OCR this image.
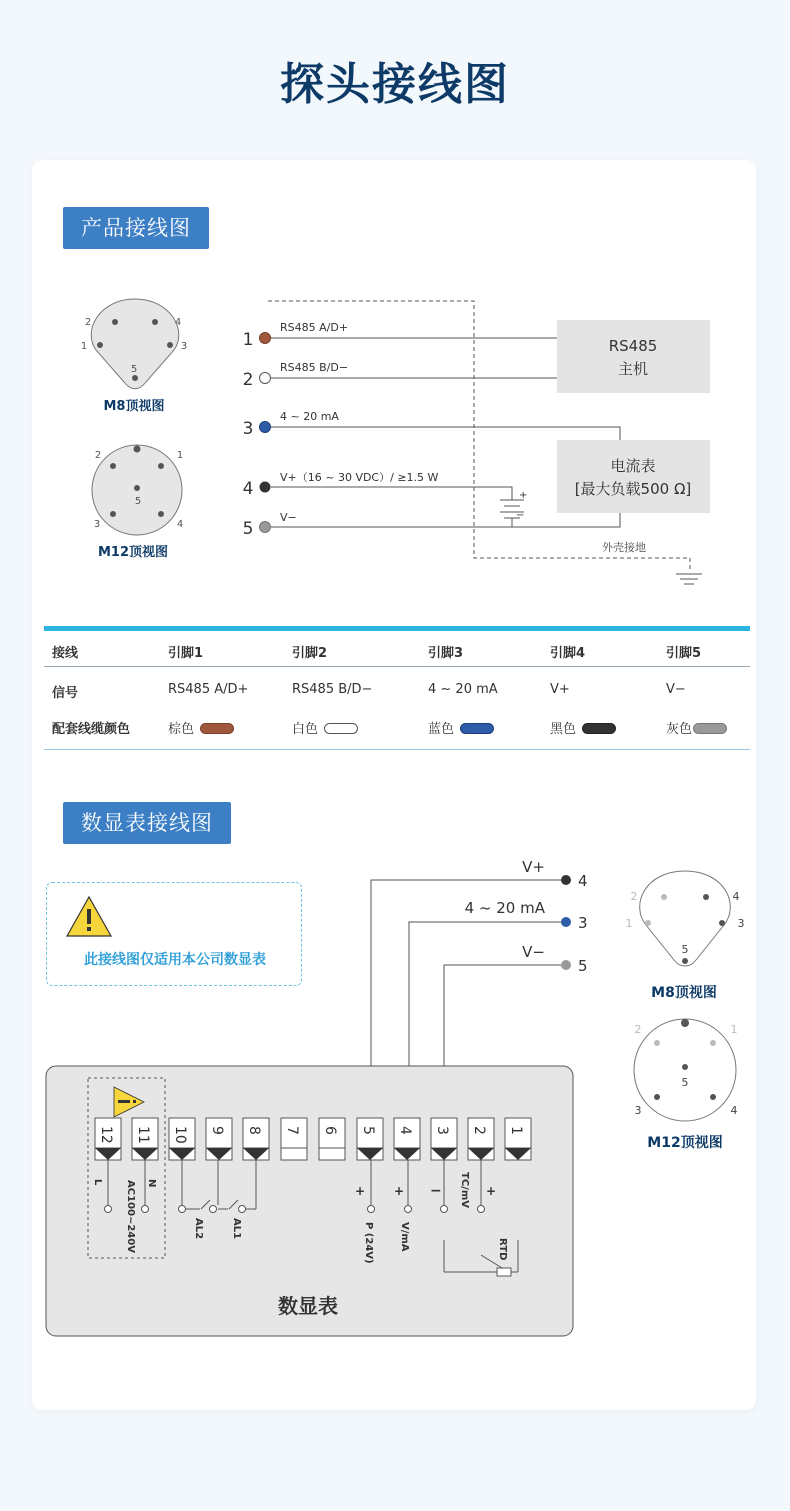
探头接线图
产品接线图
2	4
1	3
5
M8顶视图
2	1
5
3	4
M12顶视图	外壳接地
1
RS485 A/D+
2
RS485 B/D−
3
4 ~ 20 mA
4
V+（16 ~ 30 VDC）/ ≥1.5 W
+
−
5
V−
RS485
主机
电流表
[最大负载500 Ω]
接线	引脚1	引脚2	引脚3	引脚4	引脚5
信号	RS485 A/D+	RS485 B/D−	4 ~ 20 mA	V+	V−
配套线缆颜色	棕色	白色	蓝色	黑色	灰色
数显表接线图
此接线图仅适用本公司数显表
V+
4
4 ~ 20 mA
3
V−
5
数显表
12 11 10 9 8 7 6 5 4 3 2 1
L	N
AC100~240V	AL2	AL1
+
P (24V)
+
V/mA
− TC/mV +
RTD
2	4
1	3
5
M8顶视图
2	1
5
3	4
M12顶视图
